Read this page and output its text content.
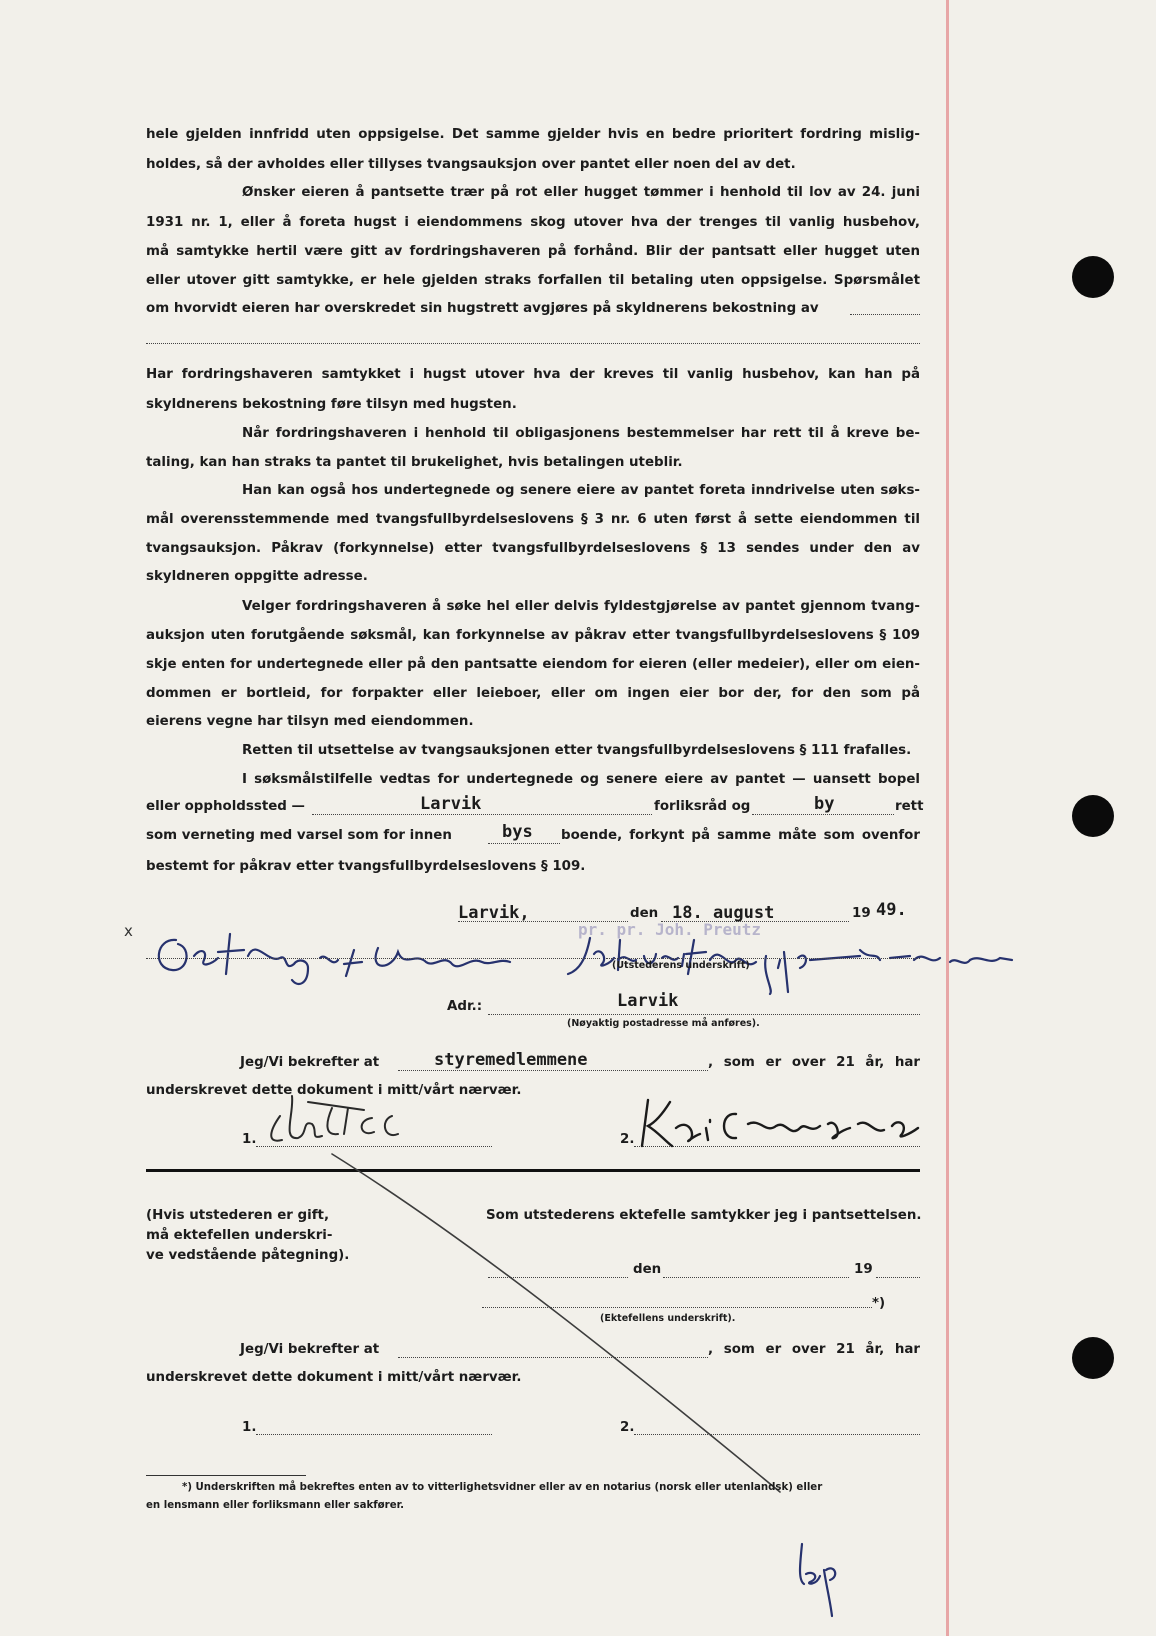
hele gjelden innfridd uten oppsigelse. Det samme gjelder hvis en bedre prioritert fordring mislig-
holdes, så der avholdes eller tillyses tvangsauksjon over pantet eller noen del av det.
Ønsker eieren å pantsette trær på rot eller hugget tømmer i henhold til lov av 24. juni
1931 nr. 1, eller å foreta hugst i eiendommens skog utover hva der trenges til vanlig husbehov,
må samtykke hertil være gitt av fordringshaveren på forhånd. Blir der pantsatt eller hugget uten
eller utover gitt samtykke, er hele gjelden straks forfallen til betaling uten oppsigelse. Spørsmålet
om hvorvidt eieren har overskredet sin hugstrett avgjøres på skyldnerens bekostning av
Har fordringshaveren samtykket i hugst utover hva der kreves til vanlig husbehov, kan han på
skyldnerens bekostning føre tilsyn med hugsten.
Når fordringshaveren i henhold til obligasjonens bestemmelser har rett til å kreve be-
taling, kan han straks ta pantet til brukelighet, hvis betalingen uteblir.
Han kan også hos undertegnede og senere eiere av pantet foreta inndrivelse uten søks-
mål overensstemmende med tvangsfullbyrdelseslovens § 3 nr. 6 uten først å sette eiendommen til
tvangsauksjon. Påkrav (forkynnelse) etter tvangsfullbyrdelseslovens § 13 sendes under den av
skyldneren oppgitte adresse.
Velger fordringshaveren å søke hel eller delvis fyldestgjørelse av pantet gjennom tvang-
auksjon uten forutgående søksmål, kan forkynnelse av påkrav etter tvangsfullbyrdelseslovens § 109
skje enten for undertegnede eller på den pantsatte eiendom for eieren (eller medeier), eller om eien-
dommen er bortleid, for forpakter eller leieboer, eller om ingen eier bor der, for den som på
eierens vegne har tilsyn med eiendommen.
Retten til utsettelse av tvangsauksjonen etter tvangsfullbyrdelseslovens § 111 frafalles.
I søksmålstilfelle vedtas for undertegnede og senere eiere av pantet — uansett bopel
eller oppholdssted —	Larvik	forliksråd og	by	rett
som verneting med varsel som for innen	bys boende, forkynt på samme måte som ovenfor
bestemt for påkrav etter tvangsfullbyrdelseslovens § 109.
Larvik,	den 18. august	19 49.
pr. pr. Joh. Preutz
x
(Utstederens underskrift)
Adr.:	Larvik
(Nøyaktig postadresse må anføres).
Jeg/Vi bekrefter at	styremedlemmene	, som er over 21 år, har
underskrevet dette dokument i mitt/vårt nærvær.
1.	2.
(Hvis utstederen er gift,
må ektefellen underskri-
ve vedstående påtegning).
Som utstederens ektefelle samtykker jeg i pantsettelsen.
den	19
*)
(Ektefellens underskrift).
Jeg/Vi bekrefter at	, som er over 21 år, har
underskrevet dette dokument i mitt/vårt nærvær.
1.	2.
*) Underskriften må bekreftes enten av to vitterlighetsvidner eller av en notarius (norsk eller utenlandsk) eller
en lensmann eller forliksmann eller sakfører.
